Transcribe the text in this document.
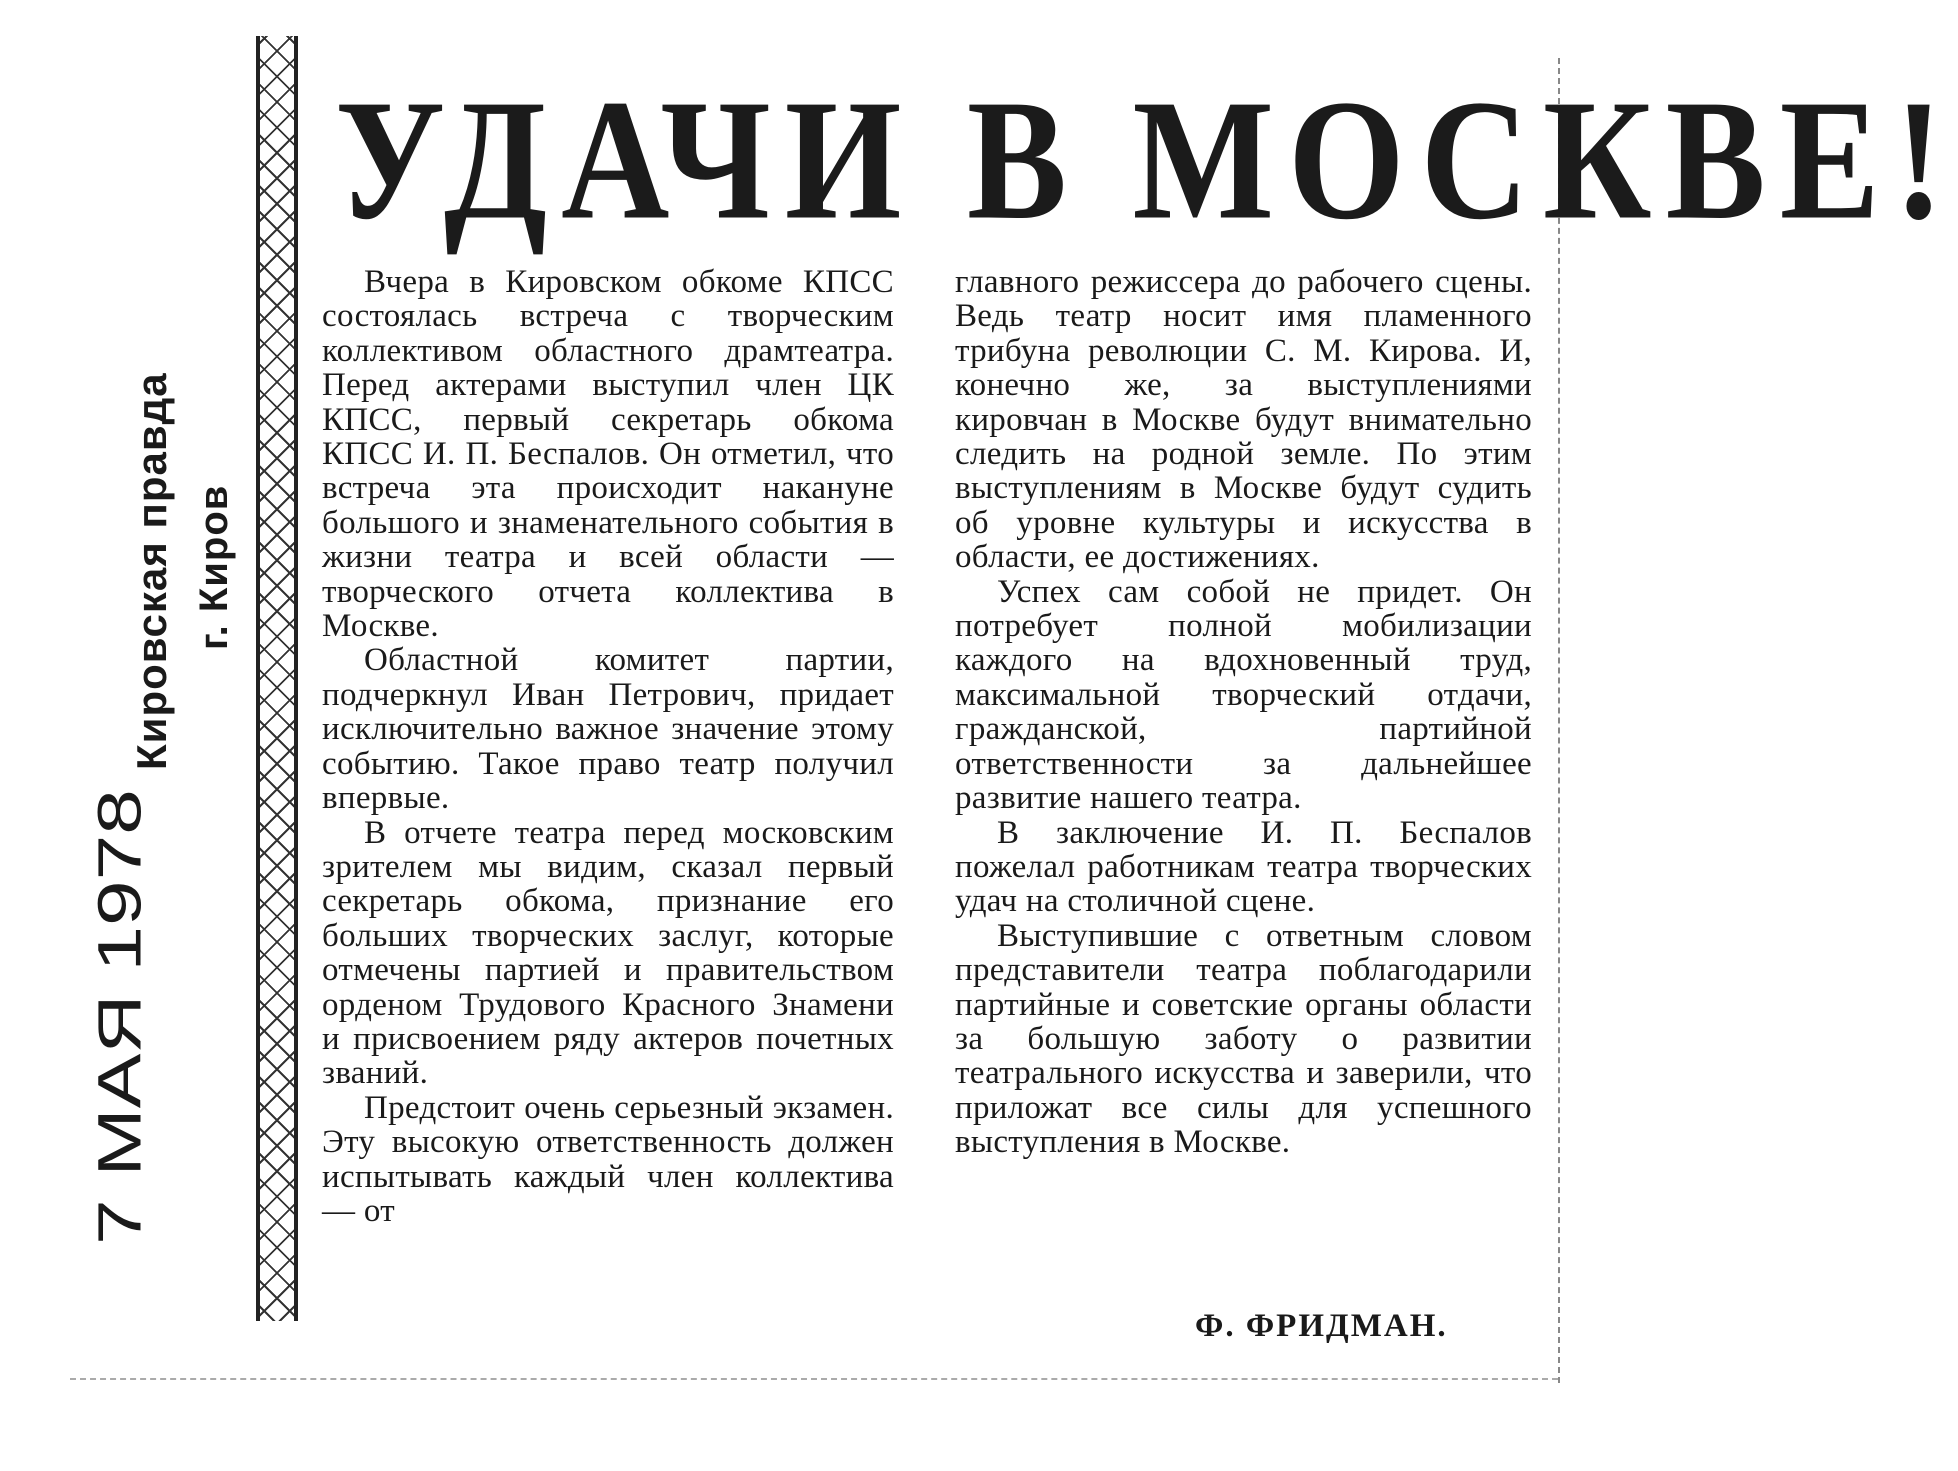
Кировская правда г. Киров
7 МАЯ 1978
УДАЧИ В МОСКВЕ!

Вчера в Кировском обкоме КПСС состоялась встреча с творческим коллективом областного драмтеатра. Перед актерами выступил член ЦК КПСС, первый секретарь обкома КПСС И. П. Беспалов. Он отметил, что встреча эта происходит накануне большого и знаменательного события в жизни театра и всей области — творческого отчета коллектива в Москве.

Областной комитет партии, подчеркнул Иван Петрович, придает исключительно важное значение этому событию. Такое право театр получил впервые.

В отчете театра перед московским зрителем мы видим, сказал первый секретарь обкома, признание его больших творческих заслуг, которые отмечены партией и правительством орденом Трудового Красного Знамени и присвоением ряду актеров почетных званий.

Предстоит очень серьезный экзамен. Эту высокую ответственность должен испытывать каждый член коллектива — от

главного режиссера до рабочего сцены. Ведь театр носит имя пламенного трибуна революции С. М. Кирова. И, конечно же, за выступлениями кировчан в Москве будут внимательно следить на родной земле. По этим выступлениям в Москве будут судить об уровне культуры и искусства в области, ее достижениях.

Успех сам собой не придет. Он потребует полной мобилизации каждого на вдохновенный труд, максимальной творческий отдачи, гражданской, партийной ответственности за дальнейшее развитие нашего театра.

В заключение И. П. Беспалов пожелал работникам театра творческих удач на столичной сцене.

Выступившие с ответным словом представители театра поблагодарили партийные и советские органы области за большую заботу о развитии театрального искусства и заверили, что приложат все силы для успешного выступления в Москве.

Ф. ФРИДМАН.
